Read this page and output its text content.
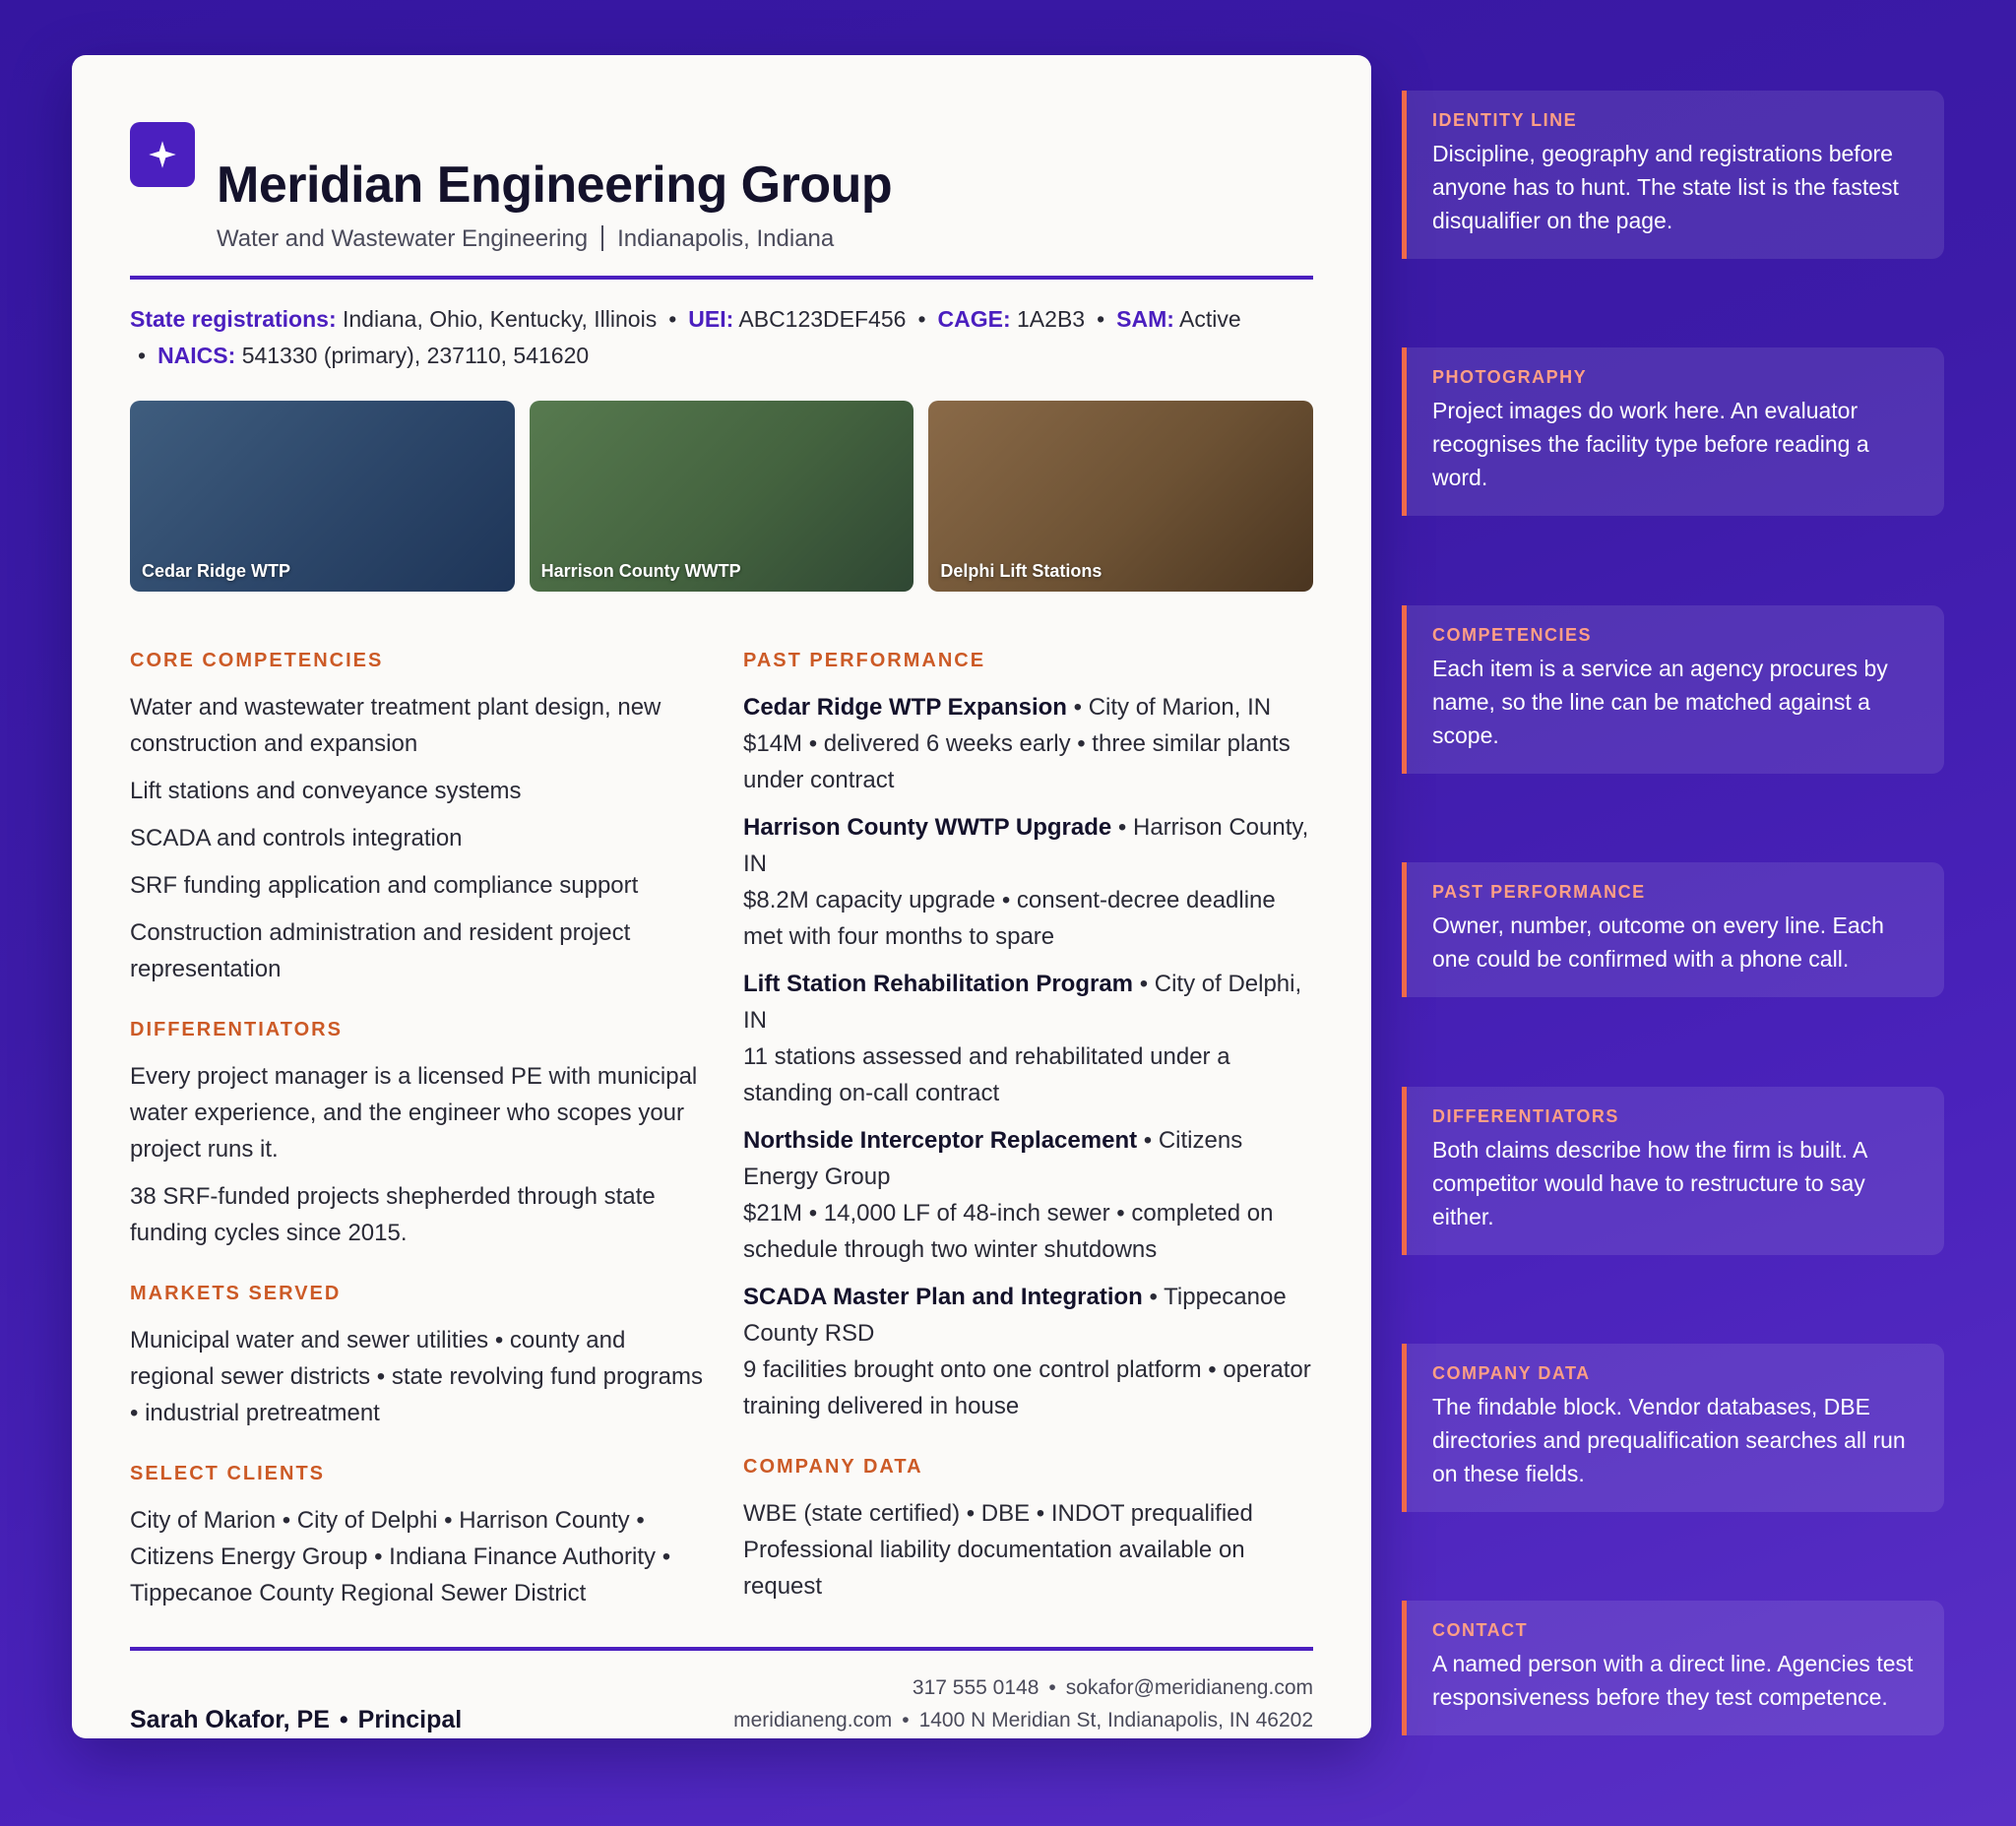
Meridian Engineering Group
Water and Wastewater Engineering Indianapolis, Indiana
State registrations: Indiana, Ohio, Kentucky, Illinois • UEI: ABC123DEF456 • CAGE: 1A2B3 • SAM: Active
• NAICS: 541330 (primary), 237110, 541620
Cedar Ridge WTP	Harrison County WWTP	Delphi Lift Stations
CORE COMPETENCIES
Water and wastewater treatment plant design, new construction and expansion
Lift stations and conveyance systems
SCADA and controls integration
SRF funding application and compliance support
Construction administration and resident project representation
DIFFERENTIATORS
Every project manager is a licensed PE with municipal water experience, and the engineer who scopes your project runs it.
38 SRF-funded projects shepherded through state funding cycles since 2015.
MARKETS SERVED
Municipal water and sewer utilities • county and regional sewer districts • state revolving fund programs • industrial pretreatment
SELECT CLIENTS
City of Marion • City of Delphi • Harrison County • Citizens Energy Group • Indiana Finance Authority • Tippecanoe County Regional Sewer District
PAST PERFORMANCE
Cedar Ridge WTP Expansion • City of Marion, IN
$14M • delivered 6 weeks early • three similar plants under contract
Harrison County WWTP Upgrade • Harrison County, IN
$8.2M capacity upgrade • consent-decree deadline met with four months to spare
Lift Station Rehabilitation Program • City of Delphi, IN
11 stations assessed and rehabilitated under a standing on-call contract
Northside Interceptor Replacement • Citizens Energy Group
$21M • 14,000 LF of 48-inch sewer • completed on schedule through two winter shutdowns
SCADA Master Plan and Integration • Tippecanoe County RSD
9 facilities brought onto one control platform • operator training delivered in house
COMPANY DATA
WBE (state certified) • DBE • INDOT prequalified
Professional liability documentation available on request
Sarah Okafor, PE • Principal
317 555 0148 • sokafor@meridianeng.com
meridianeng.com • 1400 N Meridian St, Indianapolis, IN 46202
IDENTITY LINE
Discipline, geography and registrations before anyone has to hunt. The state list is the fastest disqualifier on the page.
PHOTOGRAPHY
Project images do work here. An evaluator recognises the facility type before reading a word.
COMPETENCIES
Each item is a service an agency procures by name, so the line can be matched against a scope.
PAST PERFORMANCE
Owner, number, outcome on every line. Each one could be confirmed with a phone call.
DIFFERENTIATORS
Both claims describe how the firm is built. A competitor would have to restructure to say either.
COMPANY DATA
The findable block. Vendor databases, DBE directories and prequalification searches all run on these fields.
CONTACT
A named person with a direct line. Agencies test responsiveness before they test competence.
